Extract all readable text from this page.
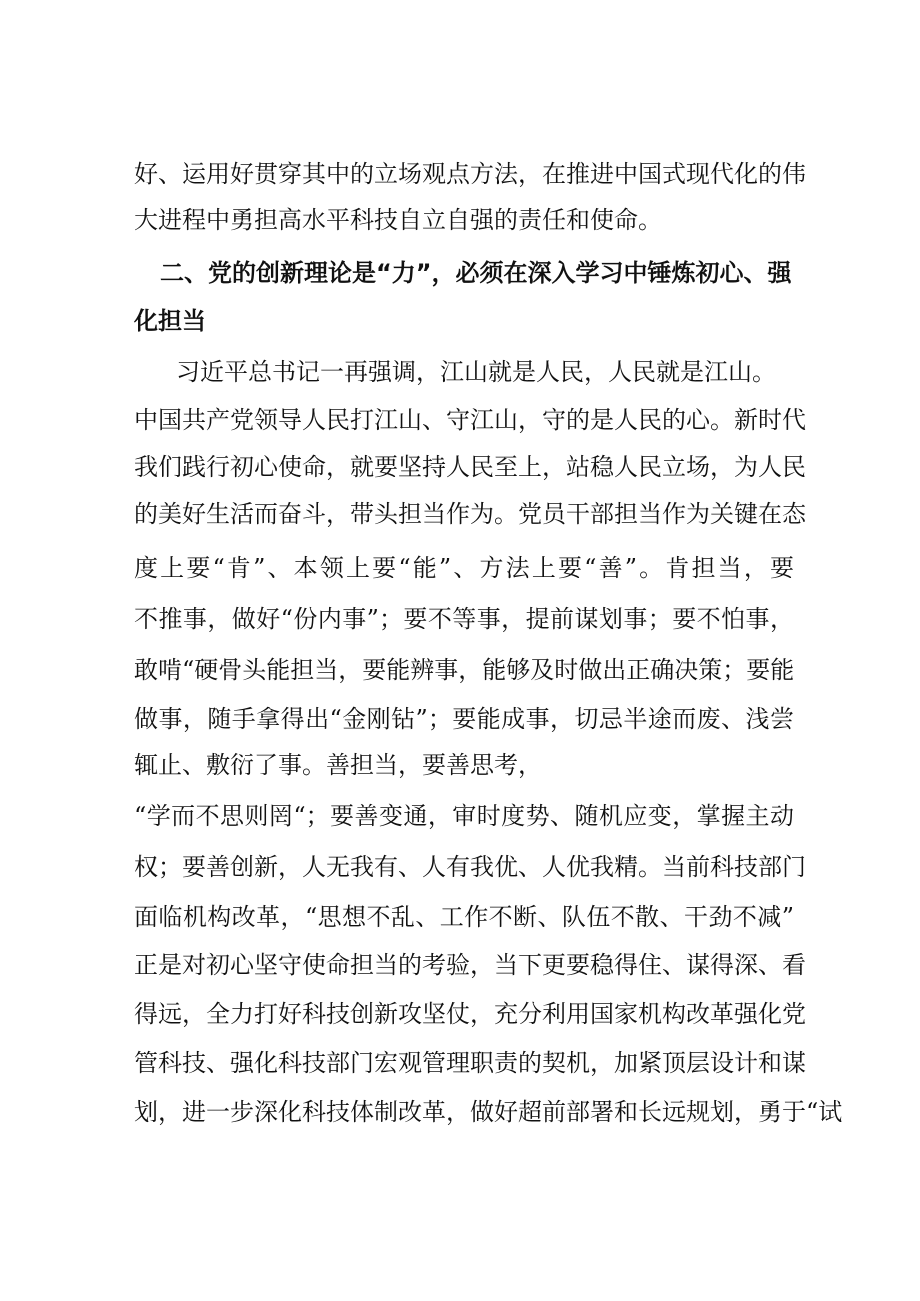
好、运用好贯穿其中的立场观点方法，在推进中国式现代化的伟
大进程中勇担高水平科技自立自强的责任和使命。
二、党的创新理论是“力”，必须在深入学习中锤炼初心、强
化担当
习近平总书记一再强调，江山就是人民，人民就是江山。
中国共产党领导人民打江山、守江山，守的是人民的心。新时代
我们践行初心使命，就要坚持人民至上，站稳人民立场，为人民
的美好生活而奋斗，带头担当作为。党员干部担当作为关键在态
度上要“肯”、本领上要“能”、方法上要“善”。肯担当，要
不推事，做好“份内事”；要不等事，提前谋划事；要不怕事，
敢啃“硬骨头能担当，要能辨事，能够及时做出正确决策；要能
做事，随手拿得出“金刚钻”；要能成事，切忌半途而废、浅尝
辄止、敷衍了事。善担当，要善思考，
“学而不思则罔“；要善变通，审时度势、随机应变，掌握主动
权；要善创新，人无我有、人有我优、人优我精。当前科技部门
面临机构改革，“思想不乱、工作不断、队伍不散、干劲不减”
正是对初心坚守使命担当的考验，当下更要稳得住、谋得深、看
得远，全力打好科技创新攻坚仗，充分利用国家机构改革强化党
管科技、强化科技部门宏观管理职责的契机，加紧顶层设计和谋
划，进一步深化科技体制改革，做好超前部署和长远规划，勇于“试
